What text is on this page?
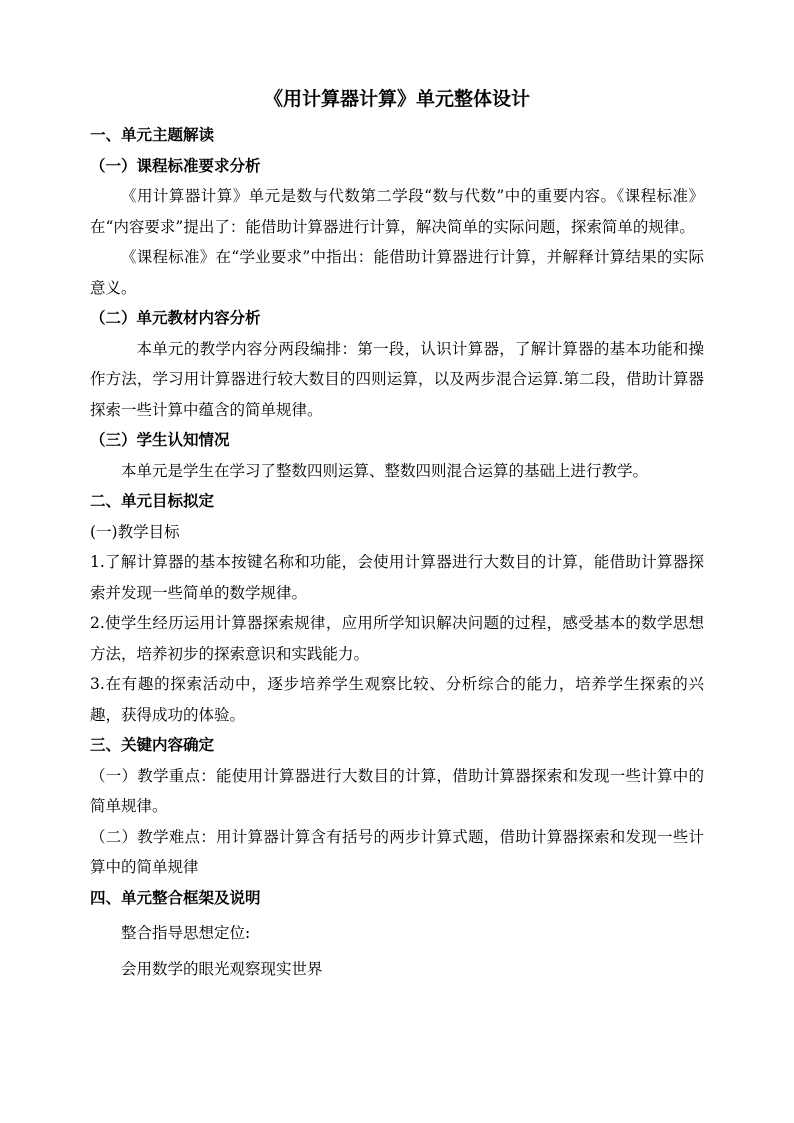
《用计算器计算》单元整体设计
一、单元主题解读
（一）课程标准要求分析

《用计算器计算》单元是数与代数第二学段“数与代数”中的重要内容。《课程标准》在“内容要求”提出了：能借助计算器进行计算，解决简单的实际问题，探索简单的规律。

《课程标准》在“学业要求”中指出：能借助计算器进行计算，并解释计算结果的实际意义。

（二）单元教材内容分析

本单元的教学内容分两段编排：第一段，认识计算器，了解计算器的基本功能和操作方法，学习用计算器进行较大数目的四则运算，以及两步混合运算.第二段，借助计算器探索一些计算中蕴含的简单规律。

（三）学生认知情况

本单元是学生在学习了整数四则运算、整数四则混合运算的基础上进行教学。

二、单元目标拟定

(一)教学目标

1.了解计算器的基本按键名称和功能，会使用计算器进行大数目的计算，能借助计算器探索并发现一些简单的数学规律。

2.使学生经历运用计算器探索规律，应用所学知识解决问题的过程，感受基本的数学思想方法，培养初步的探索意识和实践能力。

3.在有趣的探索活动中，逐步培养学生观察比较、分析综合的能力，培养学生探索的兴趣，获得成功的体验。

三、关键内容确定

（一）教学重点：能使用计算器进行大数目的计算，借助计算器探索和发现一些计算中的简单规律。

（二）教学难点：用计算器计算含有括号的两步计算式题，借助计算器探索和发现一些计算中的简单规律

四、单元整合框架及说明

整合指导思想定位:

会用数学的眼光观察现实世界
